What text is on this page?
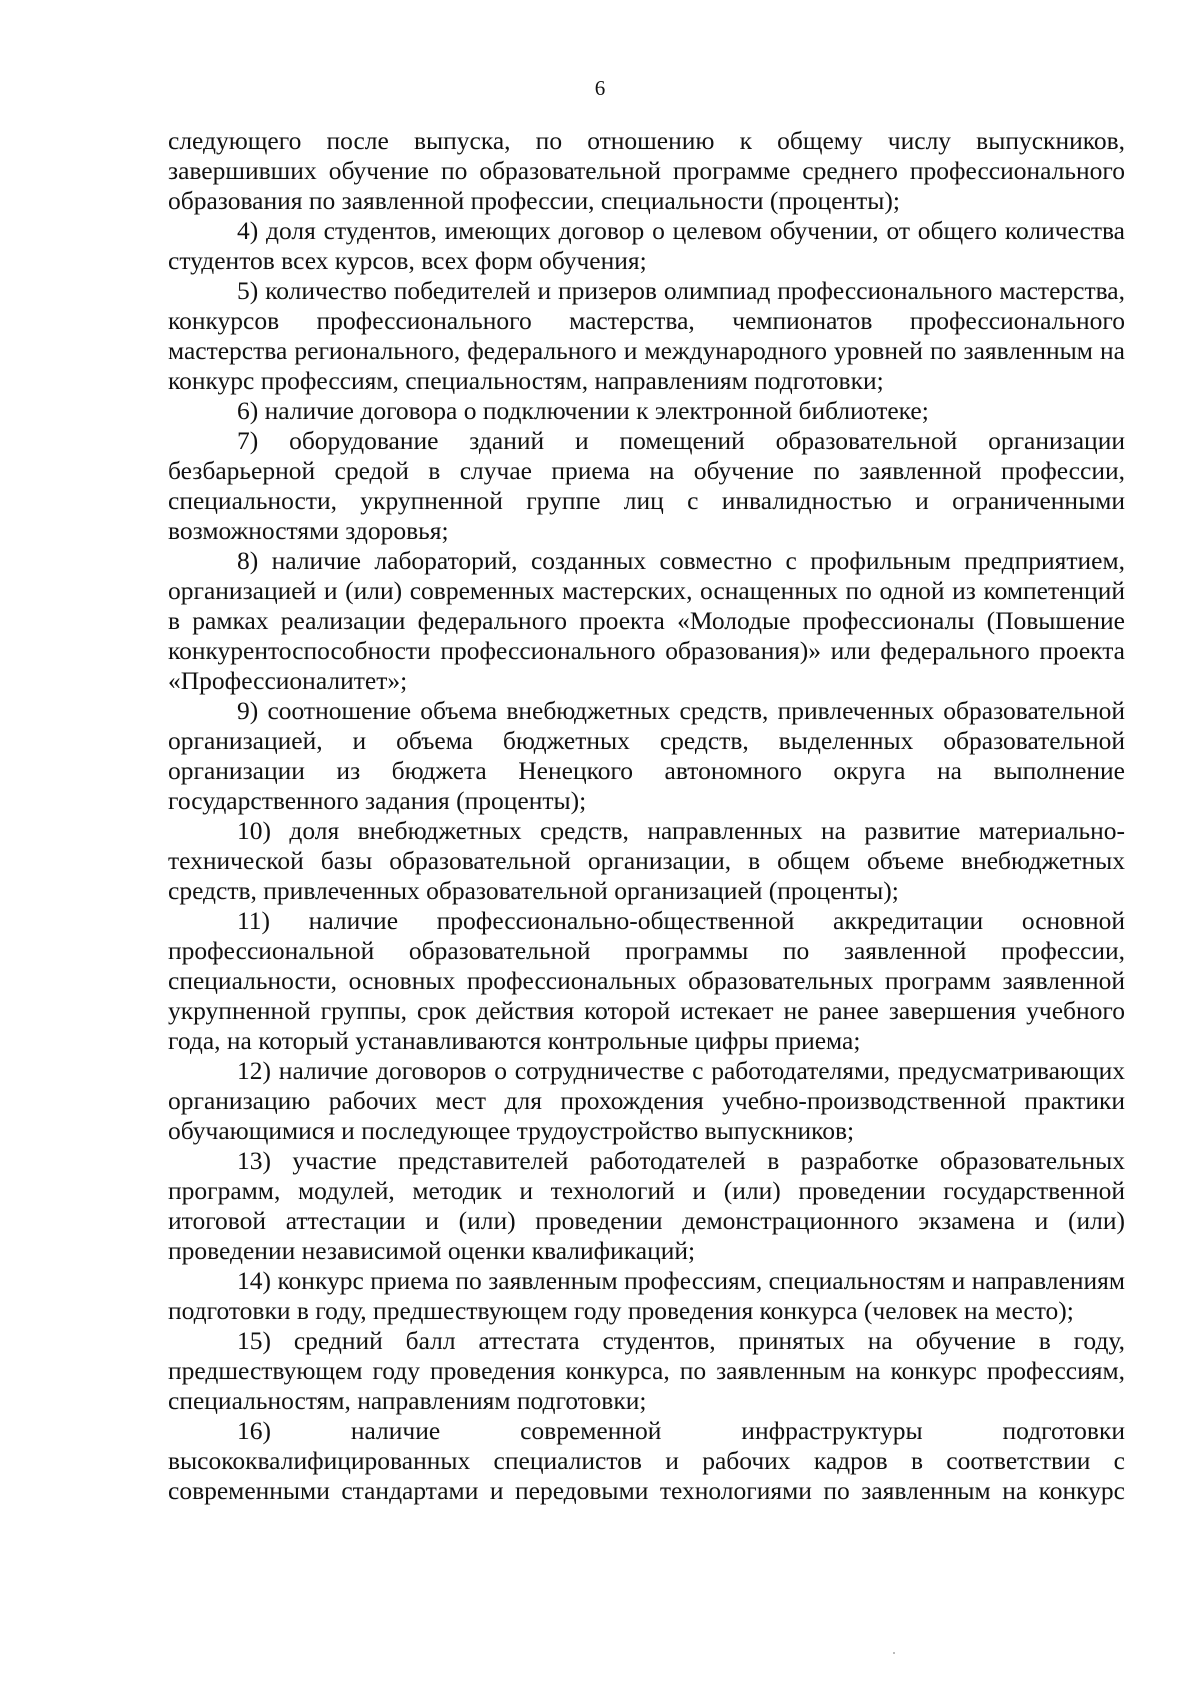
6

следующего после выпуска, по отношению к общему числу выпускников, завершивших обучение по образовательной программе среднего профессионального образования по заявленной профессии, специальности (проценты);

4) доля студентов, имеющих договор о целевом обучении, от общего количества студентов всех курсов, всех форм обучения;

5) количество победителей и призеров олимпиад профессионального мастерства, конкурсов профессионального мастерства, чемпионатов профессионального мастерства регионального, федерального и международного уровней по заявленным на конкурс профессиям, специальностям, направлениям подготовки;

6) наличие договора о подключении к электронной библиотеке;

7) оборудование зданий и помещений образовательной организации безбарьерной средой в случае приема на обучение по заявленной профессии, специальности, укрупненной группе лиц с инвалидностью и ограниченными возможностями здоровья;

8) наличие лабораторий, созданных совместно с профильным предприятием, организацией и (или) современных мастерских, оснащенных по одной из компетенций в рамках реализации федерального проекта «Молодые профессионалы (Повышение конкурентоспособности профессионального образования)» или федерального проекта «Профессионалитет»;

9) соотношение объема внебюджетных средств, привлеченных образовательной организацией, и объема бюджетных средств, выделенных образовательной организации из бюджета Ненецкого автономного округа на выполнение государственного задания (проценты);

10) доля внебюджетных средств, направленных на развитие материально-технической базы образовательной организации, в общем объеме внебюджетных средств, привлеченных образовательной организацией (проценты);

11) наличие профессионально-общественной аккредитации основной профессиональной образовательной программы по заявленной профессии, специальности, основных профессиональных образовательных программ заявленной укрупненной группы, срок действия которой истекает не ранее завершения учебного года, на который устанавливаются контрольные цифры приема;

12) наличие договоров о сотрудничестве с работодателями, предусматривающих организацию рабочих мест для прохождения учебно-производственной практики обучающимися и последующее трудоустройство выпускников;

13) участие представителей работодателей в разработке образовательных программ, модулей, методик и технологий и (или) проведении государственной итоговой аттестации и (или) проведении демонстрационного экзамена и (или) проведении независимой оценки квалификаций;

14) конкурс приема по заявленным профессиям, специальностям и направлениям подготовки в году, предшествующем году проведения конкурса (человек на место);

15) средний балл аттестата студентов, принятых на обучение в году, предшествующем году проведения конкурса, по заявленным на конкурс профессиям, специальностям, направлениям подготовки;

16) наличие современной инфраструктуры подготовки высококвалифицированных специалистов и рабочих кадров в соответствии с современными стандартами и передовыми технологиями по заявленным на конкурс
